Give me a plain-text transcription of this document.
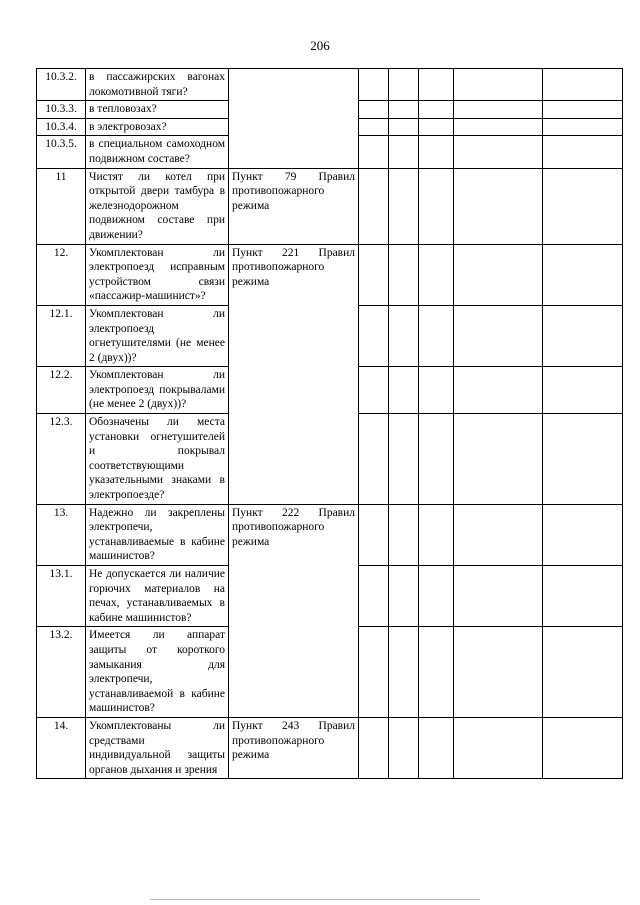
206
10.3.2.	в пассажирских вагонах локомотивной тяги?						
10.3.3.	в тепловозах?						
10.3.4.	в электровозах?						
10.3.5.	в специальном самоходном подвижном составе?						
11	Чистят ли котел при открытой двери тамбура в железнодорожном подвижном составе при движении?	Пункт 79 Правил противопожарного режима					
12.	Укомплектован ли электропоезд исправным устройством связи «пассажир-машинист»?	Пункт 221 Правил противопожарного режима					
12.1.	Укомплектован ли электропоезд огнетушителями (не менее 2 (двух))?						
12.2.	Укомплектован ли электропоезд покрывалами (не менее 2 (двух))?						
12.3.	Обозначены ли места установки огнетушителей и покрывал соответствующими указательными знаками в электропоезде?						
13.	Надежно ли закреплены электропечи, устанавливаемые в кабине машинистов?	Пункт 222 Правил противопожарного режима					
13.1.	Не допускается ли наличие горючих материалов на печах, устанавливаемых в кабине машинистов?						
13.2.	Имеется ли аппарат защиты от короткого замыкания для электропечи, устанавливаемой в кабине машинистов?						
14.	Укомплектованы ли средствами индивидуальной защиты органов дыхания и зрения	Пункт 243 Правил противопожарного режима					
